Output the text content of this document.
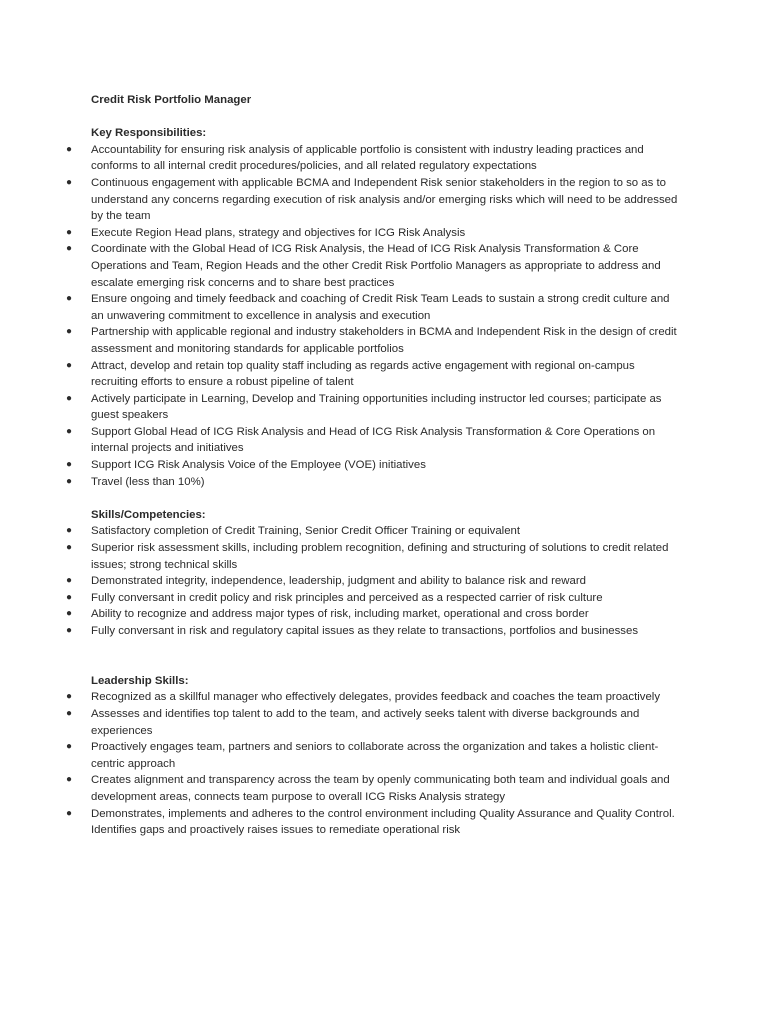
Credit Risk Portfolio Manager
Key Responsibilities:
● Accountability for ensuring risk analysis of applicable portfolio is consistent with industry leading practices and conforms to all internal credit procedures/policies, and all related regulatory expectations
● Continuous engagement with applicable BCMA and Independent Risk senior stakeholders in the region to so as to understand any concerns regarding execution of risk analysis and/or emerging risks which will need to be addressed by the team
● Execute Region Head plans, strategy and objectives for ICG Risk Analysis
● Coordinate with the Global Head of ICG Risk Analysis, the Head of ICG Risk Analysis Transformation & Core Operations and Team, Region Heads and the other Credit Risk Portfolio Managers as appropriate to address and escalate emerging risk concerns and to share best practices
● Ensure ongoing and timely feedback and coaching of Credit Risk Team Leads to sustain a strong credit culture and an unwavering commitment to excellence in analysis and execution
● Partnership with applicable regional and industry stakeholders in BCMA and Independent Risk in the design of credit assessment and monitoring standards for applicable portfolios
● Attract, develop and retain top quality staff including as regards active engagement with regional on-campus recruiting efforts to ensure a robust pipeline of talent
● Actively participate in Learning, Develop and Training opportunities including instructor led courses; participate as guest speakers
● Support Global Head of ICG Risk Analysis and Head of ICG Risk Analysis Transformation & Core Operations on internal projects and initiatives
● Support ICG Risk Analysis Voice of the Employee (VOE) initiatives
● Travel (less than 10%)
Skills/Competencies:
● Satisfactory completion of Credit Training, Senior Credit Officer Training or equivalent
● Superior risk assessment skills, including problem recognition, defining and structuring of solutions to credit related issues; strong technical skills
● Demonstrated integrity, independence, leadership, judgment and ability to balance risk and reward
● Fully conversant in credit policy and risk principles and perceived as a respected carrier of risk culture
● Ability to recognize and address major types of risk, including market, operational and cross border
● Fully conversant in risk and regulatory capital issues as they relate to transactions, portfolios and businesses
Leadership Skills:
● Recognized as a skillful manager who effectively delegates, provides feedback and coaches the team proactively
● Assesses and identifies top talent to add to the team, and actively seeks talent with diverse backgrounds and experiences
● Proactively engages team, partners and seniors to collaborate across the organization and takes a holistic client-centric approach
● Creates alignment and transparency across the team by openly communicating both team and individual goals and development areas, connects team purpose to overall ICG Risks Analysis strategy
● Demonstrates, implements and adheres to the control environment including Quality Assurance and Quality Control. Identifies gaps and proactively raises issues to remediate operational risk
